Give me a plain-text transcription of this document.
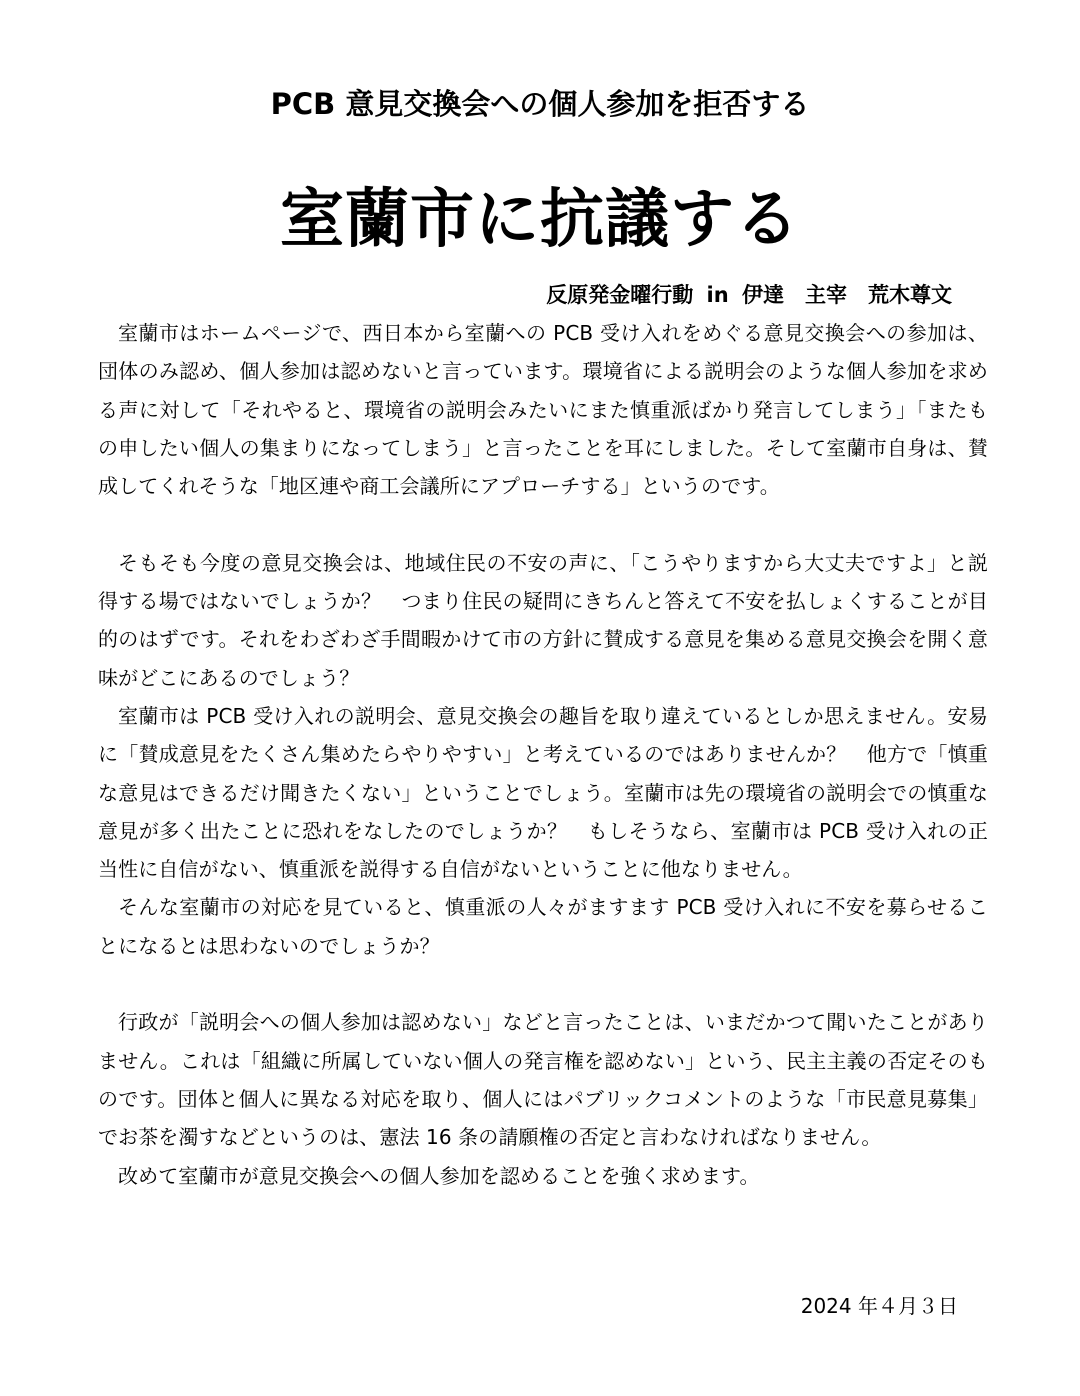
PCB 意見交換会への個人参加を拒否する
室蘭市に抗議する
反原発金曜行動 in 伊達　主宰　荒木尊文

室蘭市はホームページで、西日本から室蘭への PCB 受け入れをめぐる意見交換会への参加は、団体のみ認め、個人参加は認めないと言っています。環境省による説明会のような個人参加を求める声に対して「それやると、環境省の説明会みたいにまた慎重派ばかり発言してしまう」「またもの申したい個人の集まりになってしまう」と言ったことを耳にしました。そして室蘭市自身は、賛成してくれそうな「地区連や商工会議所にアプローチする」というのです。

そもそも今度の意見交換会は、地域住民の不安の声に、「こうやりますから大丈夫ですよ」と説得する場ではないでしょうか？　つまり住民の疑問にきちんと答えて不安を払しょくすることが目的のはずです。それをわざわざ手間暇かけて市の方針に賛成する意見を集める意見交換会を開く意味がどこにあるのでしょう？

室蘭市は PCB 受け入れの説明会、意見交換会の趣旨を取り違えているとしか思えません。安易に「賛成意見をたくさん集めたらやりやすい」と考えているのではありませんか？　他方で「慎重な意見はできるだけ聞きたくない」ということでしょう。室蘭市は先の環境省の説明会での慎重な意見が多く出たことに恐れをなしたのでしょうか？　もしそうなら、室蘭市は PCB 受け入れの正当性に自信がない、慎重派を説得する自信がないということに他なりません。

そんな室蘭市の対応を見ていると、慎重派の人々がますます PCB 受け入れに不安を募らせることになるとは思わないのでしょうか？

行政が「説明会への個人参加は認めない」などと言ったことは、いまだかつて聞いたことがありません。これは「組織に所属していない個人の発言権を認めない」という、民主主義の否定そのものです。団体と個人に異なる対応を取り、個人にはパブリックコメントのような「市民意見募集」でお茶を濁すなどというのは、憲法 16 条の請願権の否定と言わなければなりません。

改めて室蘭市が意見交換会への個人参加を認めることを強く求めます。

2024 年４月３日
